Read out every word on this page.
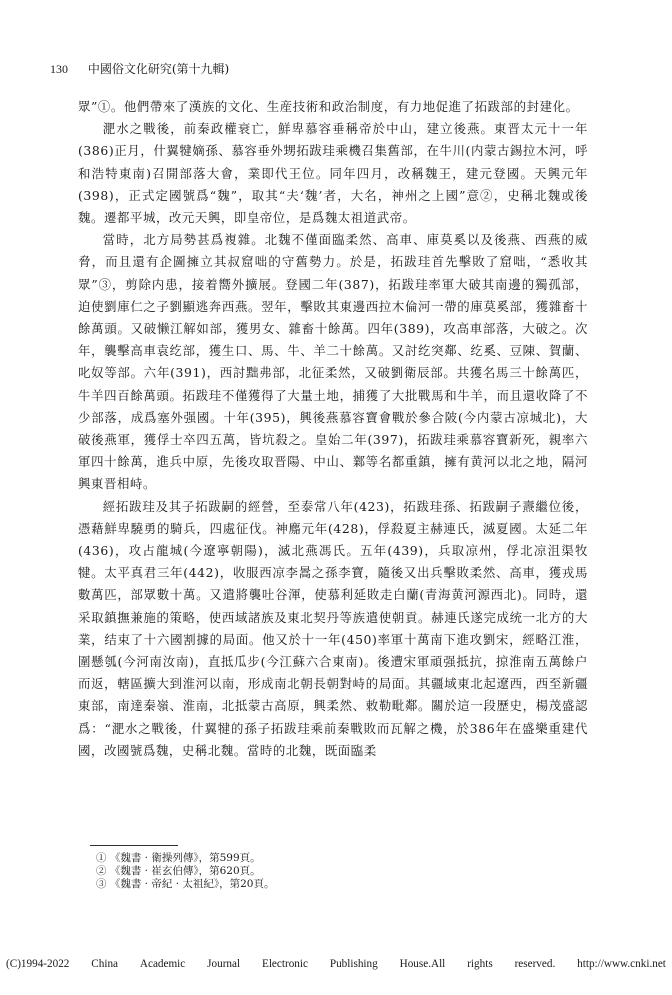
130 中國俗文化研究(第十九輯)

眾”①。他們帶來了漢族的文化、生産技術和政治制度，有力地促進了拓跋部的封建化。

淝水之戰後，前秦政權衰亡，鮮卑慕容垂稱帝於中山，建立後燕。東晋太元十一年(386)正月，什翼犍嫡孫、慕容垂外甥拓跋珪乘機召集舊部，在牛川(内蒙古錫拉木河，呼和浩特東南)召開部落大會，業即代王位。同年四月，改稱魏王，建元登國。天興元年(398)，正式定國號爲“魏”，取其“夫‘魏’者，大名，神州之上國”意②，史稱北魏或後魏。遷都平城，改元天興，即皇帝位，是爲魏太祖道武帝。

當時，北方局勢甚爲複雜。北魏不僅面臨柔然、高車、庫莫奚以及後燕、西燕的威脅，而且還有企圖擁立其叔窟咄的守舊勢力。於是，拓跋珪首先擊敗了窟咄，“悉收其眾”③，剪除内患，接着嚮外擴展。登國二年(387)，拓跋珪率軍大破其南邊的獨孤部，迫使劉庫仁之子劉顯逃奔西燕。翌年，擊敗其東邊西拉木倫河一帶的庫莫奚部，獲雜畜十餘萬頭。又破懒江解如部，獲男女、雜畜十餘萬。四年(389)，攻高車部落，大破之。次年，襲擊高車袁纥部，獲生口、馬、牛、羊二十餘萬。又討纥突鄰、纥奚、豆陳、賀蘭、叱奴等部。六年(391)，西討黜弗部，北征柔然，又破劉衛辰部。共獲名馬三十餘萬匹，牛羊四百餘萬頭。拓跋珪不僅獲得了大量土地，捕獲了大批戰馬和牛羊，而且還收降了不少部落，成爲塞外强國。十年(395)，興後燕慕容寶會戰於參合陂(今内蒙古凉城北)，大破後燕軍，獲俘士卒四五萬，皆坑殺之。皇始二年(397)，拓跋珪乘慕容寶新死，親率六軍四十餘萬，進兵中原，先後攻取晋陽、中山、鄴等名都重鎮，擁有黄河以北之地，隔河興東晋相峙。

經拓跋珪及其子拓跋嗣的經營，至泰常八年(423)，拓跋珪孫、拓跋嗣子燾繼位後，憑藉鮮卑驍勇的騎兵，四處征伐。神䴥元年(428)，俘殺夏主赫連氏，滅夏國。太延二年(436)，攻占龍城(今遼寧朝陽)，滅北燕馮氏。五年(439)，兵取凉州，俘北凉沮渠牧犍。太平真君三年(442)，收服西凉李暠之孫李寶，隨後又出兵擊敗柔然、高車，獲戎馬數萬匹，部眾數十萬。又遣將襲吐谷渾，使慕利延敗走白蘭(青海黄河源西北)。同時，還采取鎮撫兼施的策略，使西域諸族及東北契丹等族遣使朝貢。赫連氏遂完成统一北方的大業，结束了十六國割據的局面。他又於十一年(450)率軍十萬南下進攻劉宋，經略江淮，圍懸瓠(今河南汝南)，直抵瓜步(今江蘇六合東南)。後遭宋軍頑强抵抗，掠淮南五萬餘户而返，轄區擴大到淮河以南，形成南北朝長朝對峙的局面。其疆域東北起遼西，西至新疆東部，南達秦嶺、淮南，北抵蒙古高原，興柔然、敕勒毗鄰。關於這一段歷史，楊茂盛認爲：“淝水之戰後，什翼犍的孫子拓跋珪乘前秦戰敗而瓦解之機，於386年在盛樂重建代國，改國號爲魏，史稱北魏。當時的北魏，既面臨柔

① 《魏書 · 衛操列傳》，第599頁。
② 《魏書 · 崔玄伯傳》，第620頁。
③ 《魏書 · 帝紀 · 太祖紀》，第20頁。
(C)1994-2022 China Academic Journal Electronic Publishing House.All rights reserved. http://www.cnki.net
